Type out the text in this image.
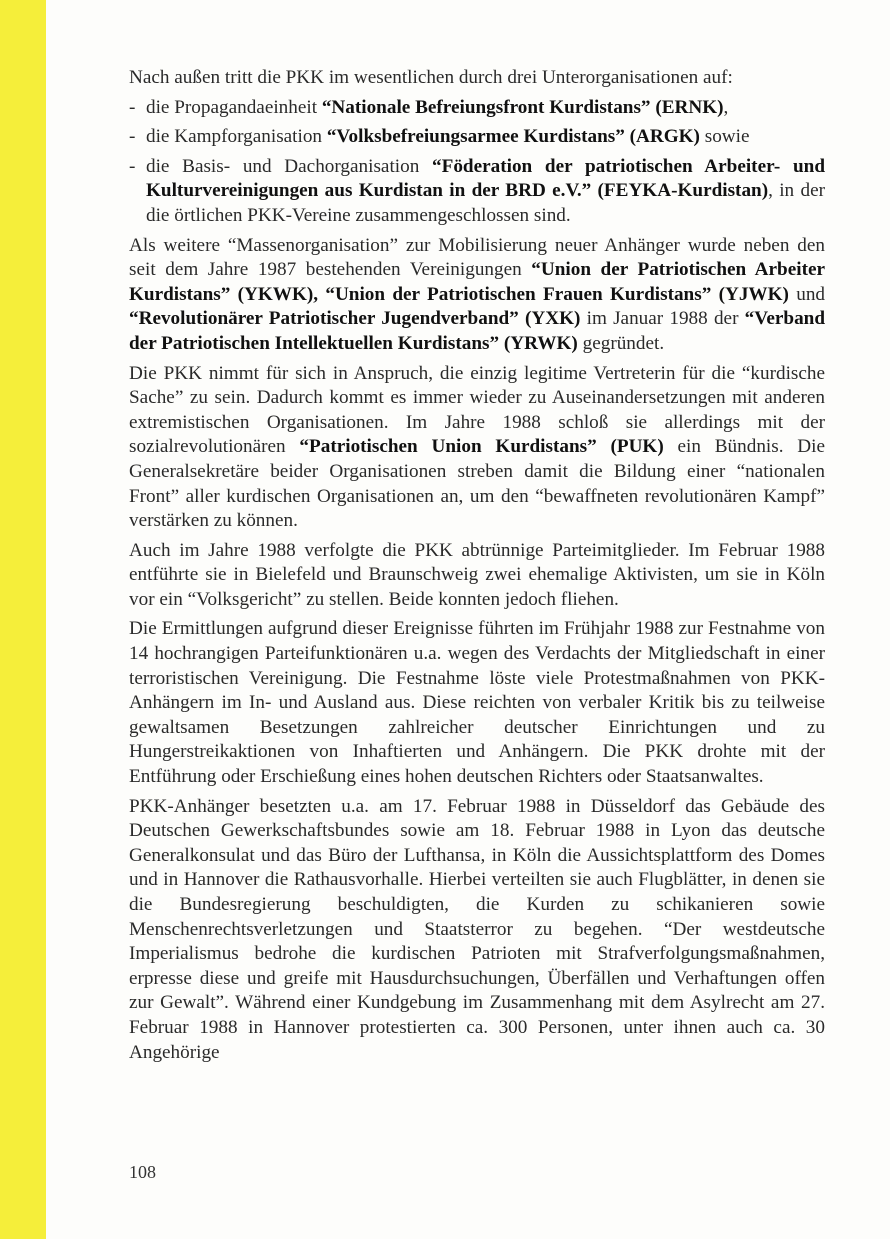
Nach außen tritt die PKK im wesentlichen durch drei Unterorganisationen auf:

- die Propagandaeinheit “Nationale Befreiungsfront Kurdistans” (ERNK),

- die Kampforganisation “Volksbefreiungsarmee Kurdistans” (ARGK) sowie

- die Basis- und Dachorganisation “Föderation der patriotischen Arbeiter- und Kulturvereinigungen aus Kurdistan in der BRD e.V.” (FEYKA-Kurdistan), in der die örtlichen PKK-Vereine zusammengeschlossen sind.

Als weitere “Massenorganisation” zur Mobilisierung neuer Anhänger wurde neben den seit dem Jahre 1987 bestehenden Vereinigungen “Union der Patriotischen Arbeiter Kurdistans” (YKWK), “Union der Patriotischen Frauen Kurdistans” (YJWK) und “Revolutionärer Patriotischer Jugendverband” (YXK) im Januar 1988 der “Verband der Patriotischen Intellektuellen Kurdistans” (YRWK) gegründet.

Die PKK nimmt für sich in Anspruch, die einzig legitime Vertreterin für die “kurdische Sache” zu sein. Dadurch kommt es immer wieder zu Auseinandersetzungen mit anderen extremistischen Organisationen. Im Jahre 1988 schloß sie allerdings mit der sozialrevolutionären “Patriotischen Union Kurdistans” (PUK) ein Bündnis. Die Generalsekretäre beider Organisationen streben damit die Bildung einer “nationalen Front” aller kurdischen Organisationen an, um den “bewaffneten revolutionären Kampf” verstärken zu können.

Auch im Jahre 1988 verfolgte die PKK abtrünnige Parteimitglieder. Im Februar 1988 entführte sie in Bielefeld und Braunschweig zwei ehemalige Aktivisten, um sie in Köln vor ein “Volksgericht” zu stellen. Beide konnten jedoch fliehen.

Die Ermittlungen aufgrund dieser Ereignisse führten im Frühjahr 1988 zur Festnahme von 14 hochrangigen Parteifunktionären u.a. wegen des Verdachts der Mitgliedschaft in einer terroristischen Vereinigung. Die Festnahme löste viele Protestmaßnahmen von PKK-Anhängern im In- und Ausland aus. Diese reichten von verbaler Kritik bis zu teilweise gewaltsamen Besetzungen zahlreicher deutscher Einrichtungen und zu Hungerstreikaktionen von Inhaftierten und Anhängern. Die PKK drohte mit der Entführung oder Erschießung eines hohen deutschen Richters oder Staatsanwaltes.

PKK-Anhänger besetzten u.a. am 17. Februar 1988 in Düsseldorf das Gebäude des Deutschen Gewerkschaftsbundes sowie am 18. Februar 1988 in Lyon das deutsche Generalkonsulat und das Büro der Lufthansa, in Köln die Aussichtsplattform des Domes und in Hannover die Rathausvorhalle. Hierbei verteilten sie auch Flugblätter, in denen sie die Bundesregierung beschuldigten, die Kurden zu schikanieren sowie Menschenrechtsverletzungen und Staatsterror zu begehen. “Der westdeutsche Imperialismus bedrohe die kurdischen Patrioten mit Strafverfolgungsmaßnahmen, erpresse diese und greife mit Hausdurchsuchungen, Überfällen und Verhaftungen offen zur Gewalt”. Während einer Kundgebung im Zusammenhang mit dem Asylrecht am 27. Februar 1988 in Hannover protestierten ca. 300 Personen, unter ihnen auch ca. 30 Angehörige

108
